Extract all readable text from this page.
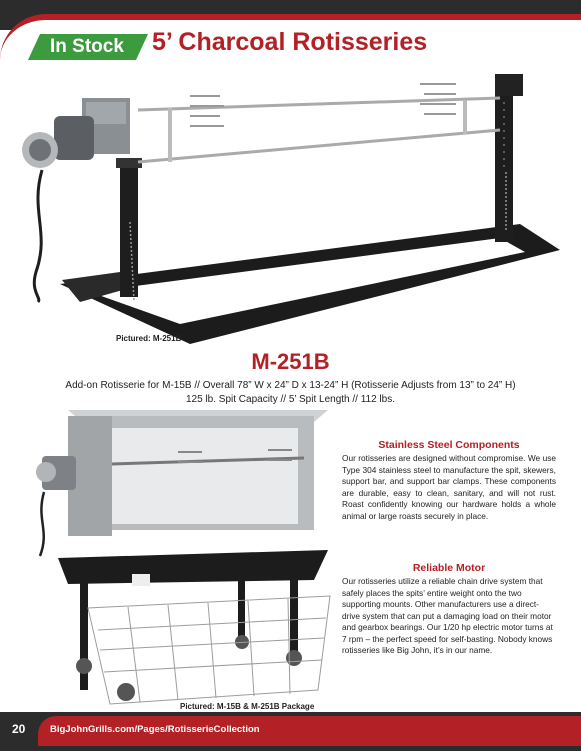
In Stock 5’ Charcoal Rotisseries
Pictured: M-251B
M-251B
Add-on Rotisserie for M-15B // Overall 78” W x 24” D x 13-24” H (Rotisserie Adjusts from 13” to 24” H)
125 lb. Spit Capacity // 5’ Spit Length // 112 lbs.
Pictured: M-15B & M-251B Package
Stainless Steel Components
Our rotisseries are designed without compromise. We use Type 304 stainless steel to manufacture the spit, skewers, support bar, and support bar clamps. These components are durable, easy to clean, sanitary, and will not rust. Roast confidently knowing our hardware holds a whole animal or large roasts securely in place.
Reliable Motor
Our rotisseries utilize a reliable chain drive system that safely places the spits’ entire weight onto the two supporting mounts. Other manufacturers use a direct-drive system that can put a damaging load on their motor and gearbox bearings. Our 1/20 hp electric motor turns at 7 rpm – the perfect speed for self-basting. Nobody knows rotisseries like Big John, it’s in our name.
20	BigJohnGrills.com/Pages/RotisserieCollection
